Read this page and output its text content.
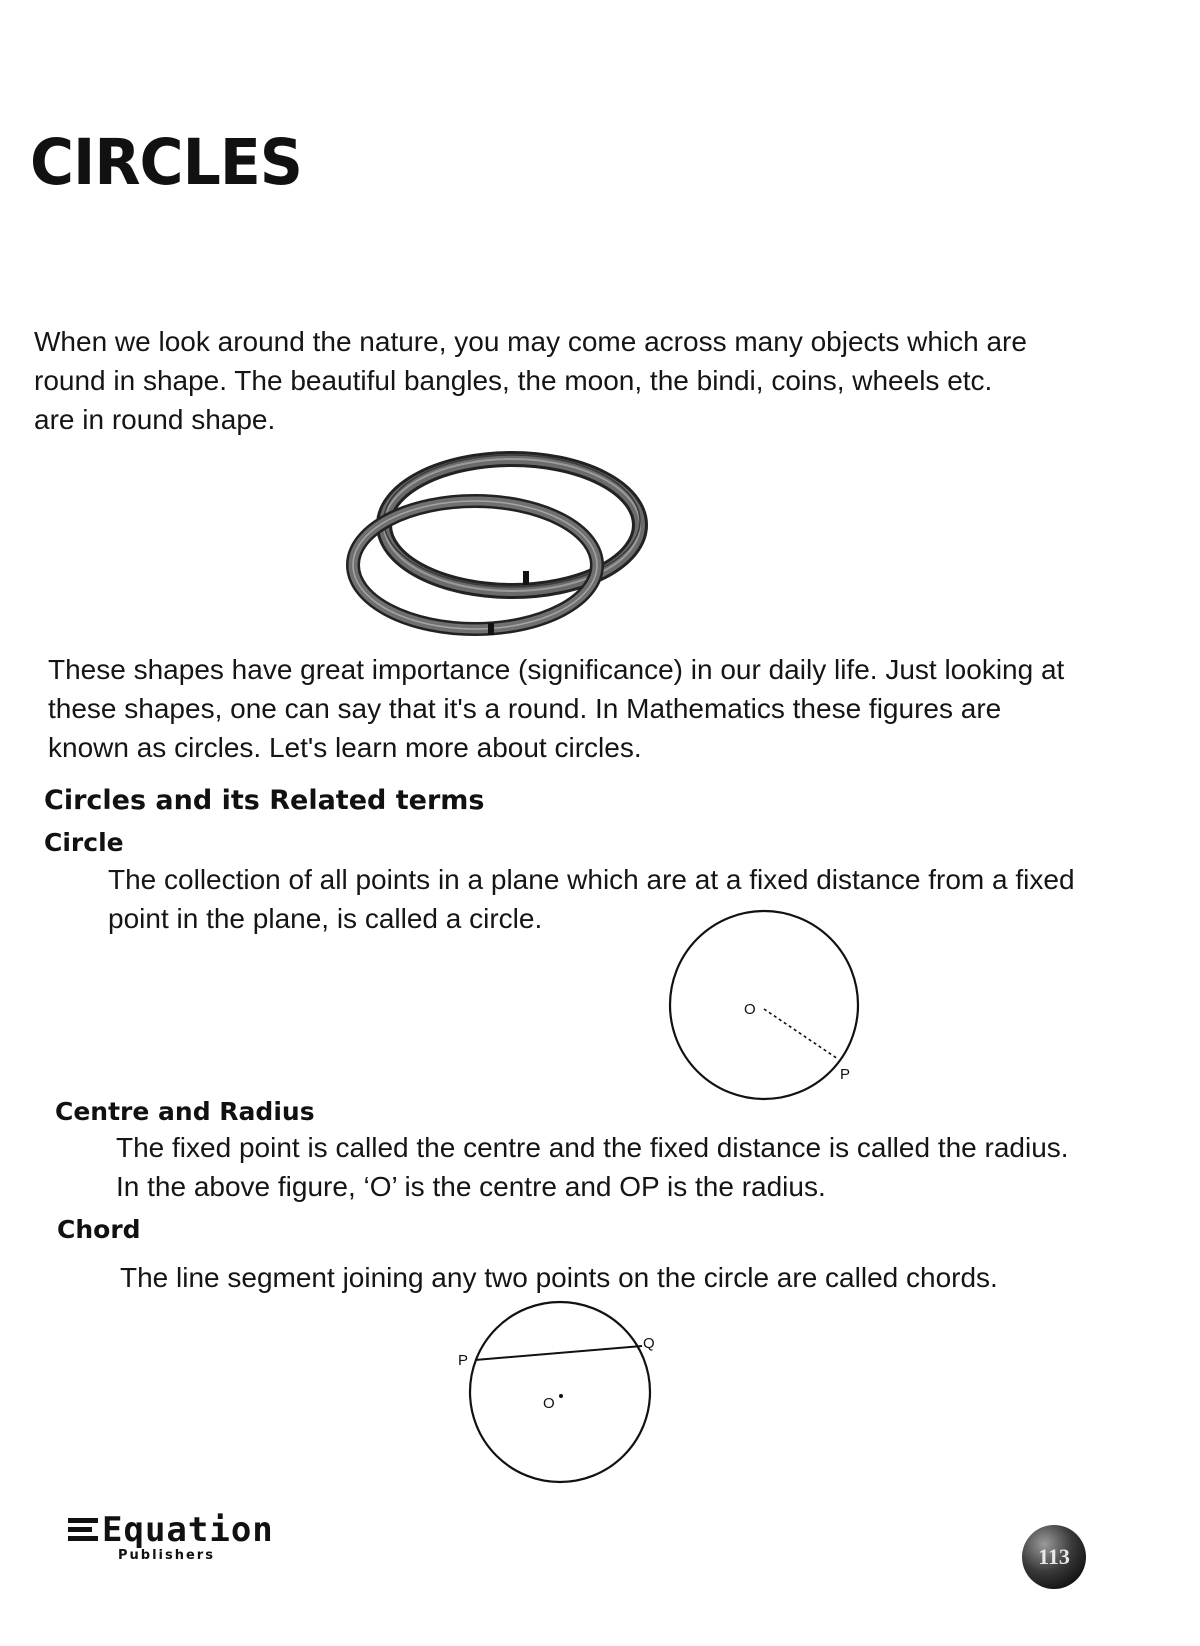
CIRCLES
When we look around the nature, you may come across many objects which are round in shape. The beautiful bangles, the moon, the bindi, coins, wheels etc. are in round shape.
These shapes have great importance (significance) in our daily life. Just looking at these shapes, one can say that it's a round. In Mathematics these figures are known as circles. Let's learn more about circles.
Circles and its Related terms
Circle
The collection of all points in a plane which are at a fixed distance from a fixed point in the plane, is called a circle.
O
P
Centre and Radius
The fixed point is called the centre and the fixed distance is called the radius. In the above figure, ‘O’ is the centre and OP is the radius.
Chord
The line segment joining any two points on the circle are called chords.
P
Q
O
Equation
Publishers	113
